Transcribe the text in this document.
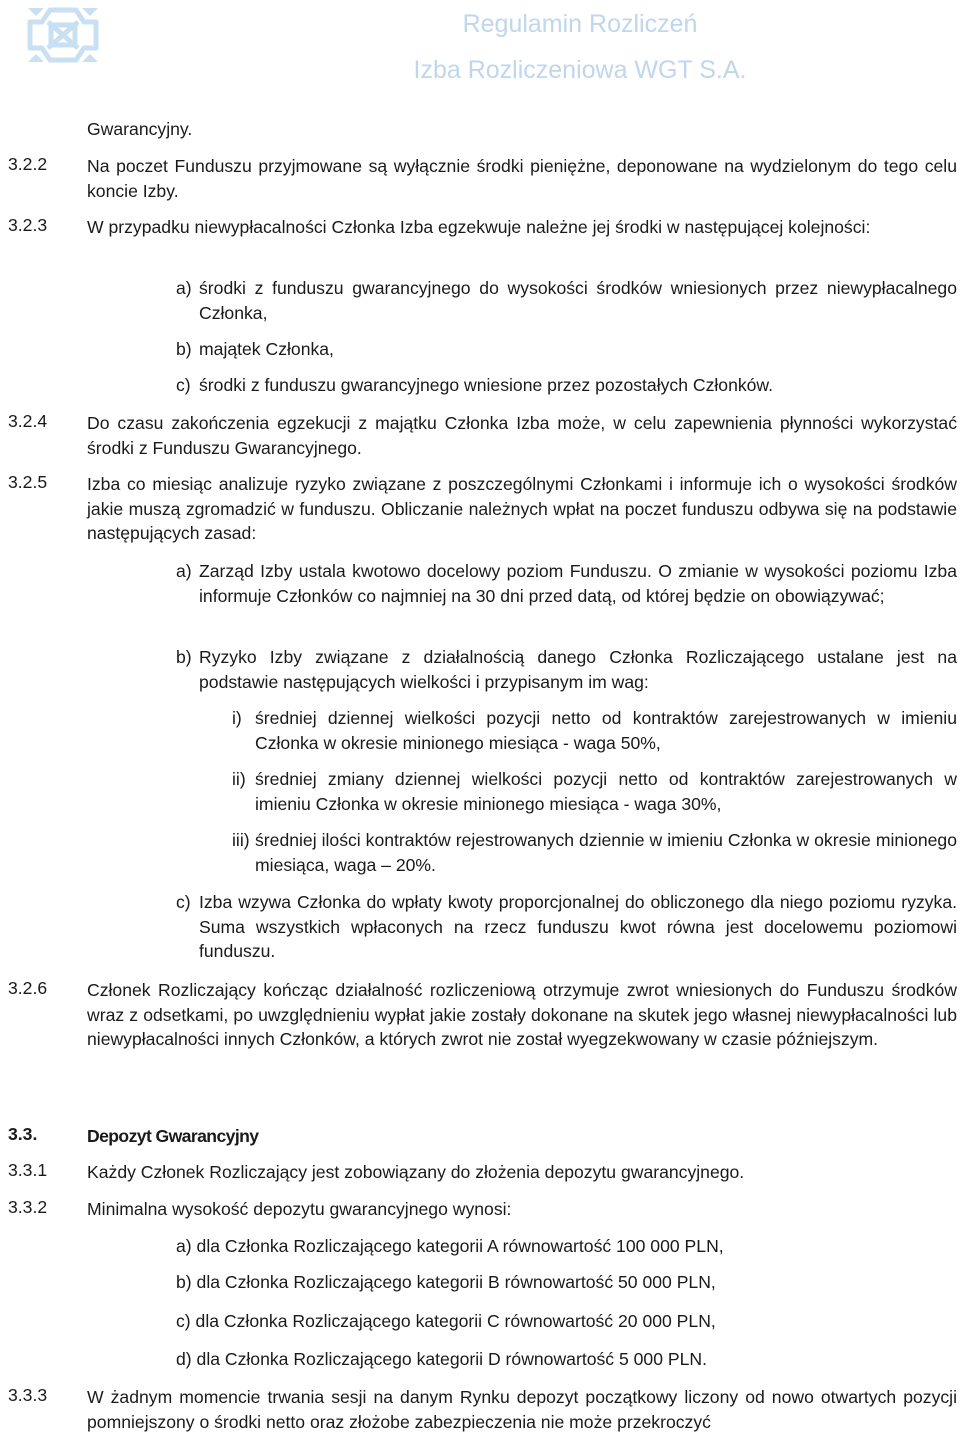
Regulamin Rozliczeń
Izba Rozliczeniowa WGT S.A.
Gwarancyjny.
3.2.2 Na poczet Funduszu przyjmowane są wyłącznie środki pieniężne, deponowane na wydzielonym do tego celu koncie Izby.
3.2.3 W przypadku niewypłacalności Członka Izba egzekwuje należne jej środki w następującej kolejności:
a) środki z funduszu gwarancyjnego do wysokości środków wniesionych przez niewypłacalnego Członka,
b) majątek Członka,
c) środki z funduszu gwarancyjnego wniesione przez pozostałych Członków.
3.2.4 Do czasu zakończenia egzekucji z majątku Członka Izba może, w celu zapewnienia płynności wykorzystać środki z Funduszu Gwarancyjnego.
3.2.5 Izba co miesiąc analizuje ryzyko związane z poszczególnymi Członkami i informuje ich o wysokości środków jakie muszą zgromadzić w funduszu. Obliczanie należnych wpłat na poczet funduszu odbywa się na podstawie następujących zasad:
a) Zarząd Izby ustala kwotowo docelowy poziom Funduszu. O zmianie w wysokości poziomu Izba informuje Członków co najmniej na 30 dni przed datą, od której będzie on obowiązywać;
b) Ryzyko Izby związane z działalnością danego Członka Rozliczającego ustalane jest na podstawie następujących wielkości i przypisanym im wag:
i) średniej dziennej wielkości pozycji netto od kontraktów zarejestrowanych w imieniu Członka w okresie minionego miesiąca - waga 50%,
ii) średniej zmiany dziennej wielkości pozycji netto od kontraktów zarejestrowanych w imieniu Członka w okresie minionego miesiąca - waga 30%,
iii) średniej ilości kontraktów rejestrowanych dziennie w imieniu Członka w okresie minionego miesiąca, waga – 20%.
c) Izba wzywa Członka do wpłaty kwoty proporcjonalnej do obliczonego dla niego poziomu ryzyka. Suma wszystkich wpłaconych na rzecz funduszu kwot równa jest docelowemu poziomowi funduszu.
3.2.6 Członek Rozliczający kończąc działalność rozliczeniową otrzymuje zwrot wniesionych do Funduszu środków wraz z odsetkami, po uwzględnieniu wypłat jakie zostały dokonane na skutek jego własnej niewypłacalności lub niewypłacalności innych Członków, a których zwrot nie został wyegzekwowany w czasie późniejszym.
3.3.	Depozyt Gwarancyjny
3.3.1 Każdy Członek Rozliczający jest zobowiązany do złożenia depozytu gwarancyjnego.
3.3.2 Minimalna wysokość depozytu gwarancyjnego wynosi:
a) dla Członka Rozliczającego kategorii A równowartość 100 000 PLN,
b) dla Członka Rozliczającego kategorii B równowartość 50 000 PLN,
c) dla Członka Rozliczającego kategorii C równowartość 20 000 PLN,
d) dla Członka Rozliczającego kategorii D równowartość 5 000 PLN.
3.3.3 W żadnym momencie trwania sesji na danym Rynku depozyt początkowy liczony od nowo otwartych pozycji pomniejszony o środki netto oraz złożobe zabezpieczenia nie może przekroczyć
